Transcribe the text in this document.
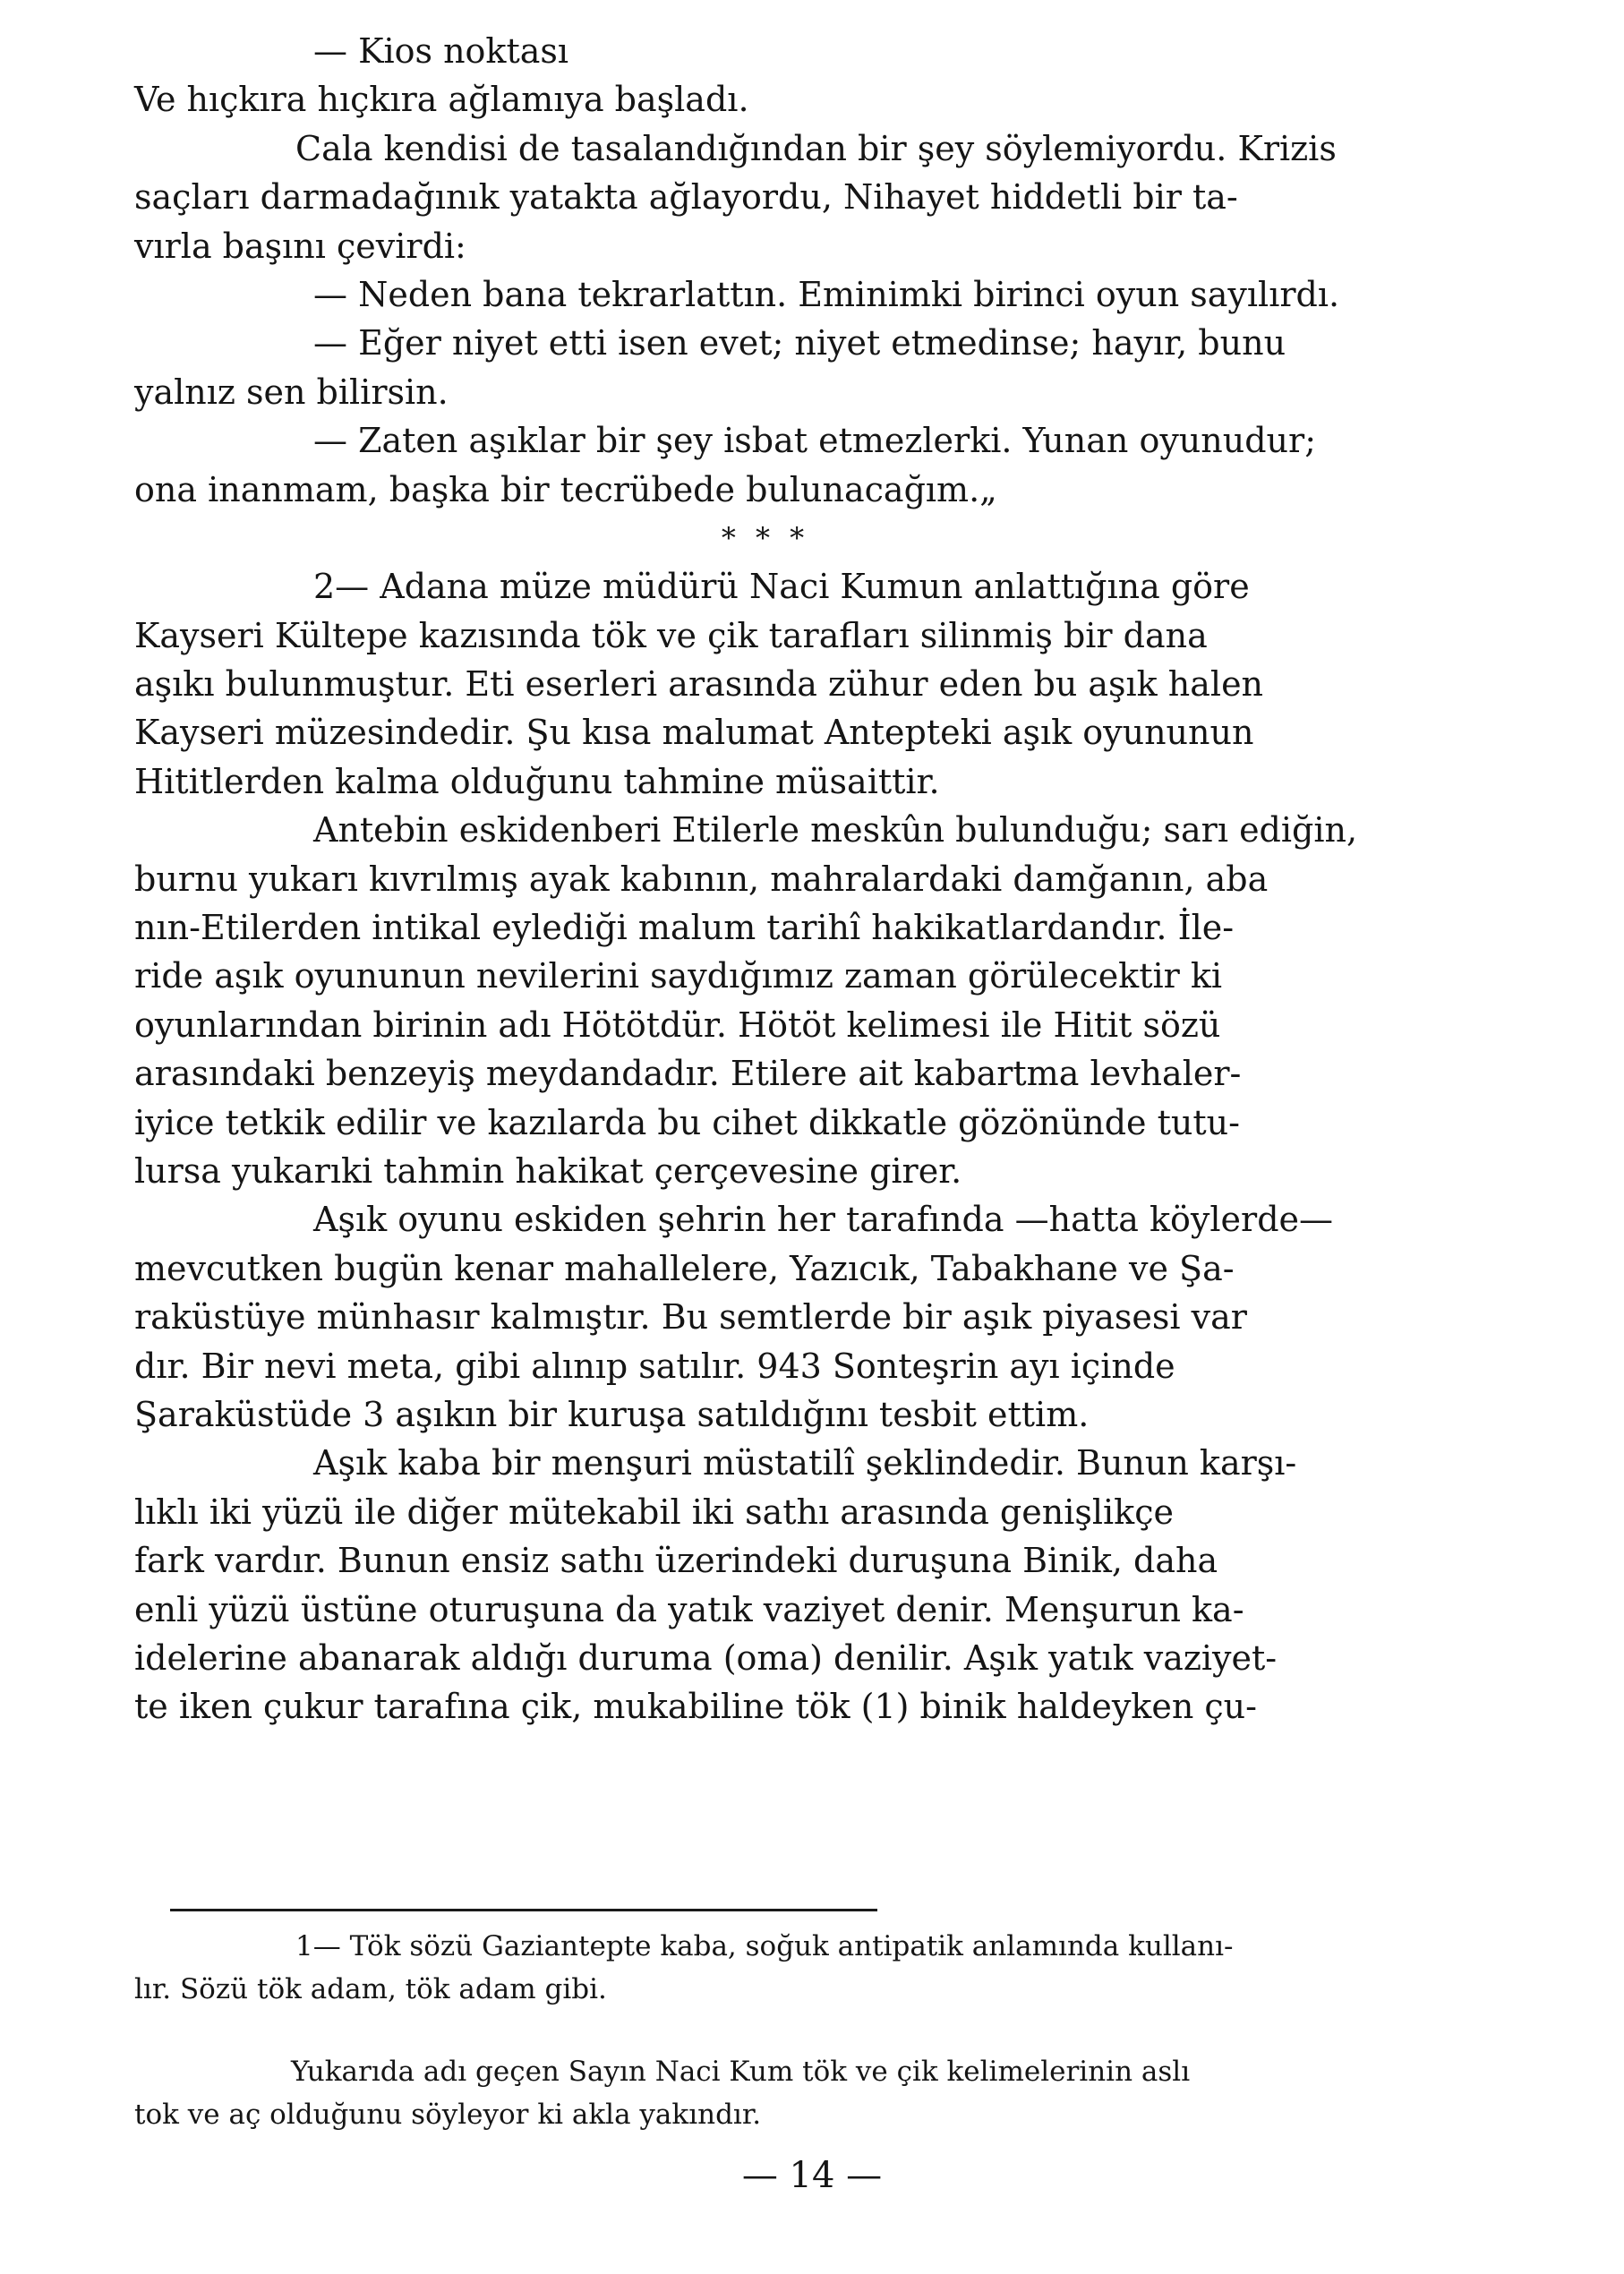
— Kios noktası
Ve hıçkıra hıçkıra ağlamıya başladı.
Cala kendisi de tasalandığından bir şey söylemiyordu. Krizis
saçları darmadağınık yatakta ağlayordu, Nihayet hiddetli bir ta-
vırla başını çevirdi:
— Neden bana tekrarlattın. Eminimki birinci oyun sayılırdı.
— Eğer niyet etti isen evet; niyet etmedinse; hayır, bunu
yalnız sen bilirsin.
— Zaten aşıklar bir şey isbat etmezlerki. Yunan oyunudur;
ona inanmam, başka bir tecrübede bulunacağım.„
* * *
2— Adana müze müdürü Naci Kumun anlattığına göre
Kayseri Kültepe kazısında tök ve çik tarafları silinmiş bir dana
aşıkı bulunmuştur. Eti eserleri arasında zühur eden bu aşık halen
Kayseri müzesindedir. Şu kısa malumat Antepteki aşık oyununun
Hititlerden kalma olduğunu tahmine müsaittir.
Antebin eskidenberi Etilerle meskûn bulunduğu; sarı ediğin,
burnu yukarı kıvrılmış ayak kabının, mahralardaki damğanın, aba
nın-Etilerden intikal eylediği malum tarihî hakikatlardandır. İle-
ride aşık oyununun nevilerini saydığımız zaman görülecektir ki
oyunlarından birinin adı Hötötdür. Hötöt kelimesi ile Hitit sözü
arasındaki benzeyiş meydandadır. Etilere ait kabartma levhaler-
iyice tetkik edilir ve kazılarda bu cihet dikkatle gözönünde tutu-
lursa yukarıki tahmin hakikat çerçevesine girer.
Aşık oyunu eskiden şehrin her tarafında —hatta köylerde—
mevcutken bugün kenar mahallelere, Yazıcık, Tabakhane ve Şa-
raküstüye münhasır kalmıştır. Bu semtlerde bir aşık piyasesi var
dır. Bir nevi meta, gibi alınıp satılır. 943 Sonteşrin ayı içinde
Şaraküstüde 3 aşıkın bir kuruşa satıldığını tesbit ettim.
Aşık kaba bir menşuri müstatilî şeklindedir. Bunun karşı-
lıklı iki yüzü ile diğer mütekabil iki sathı arasında genişlikçe
fark vardır. Bunun ensiz sathı üzerindeki duruşuna Binik, daha
enli yüzü üstüne oturuşuna da yatık vaziyet denir. Menşurun ka-
idelerine abanarak aldığı duruma (oma) denilir. Aşık yatık vaziyet-
te iken çukur tarafına çik, mukabiline tök (1) binik haldeyken çu-
1— Tök sözü Gaziantepte kaba, soğuk antipatik anlamında kullanı-
lır. Sözü tök adam, tök adam gibi.
Yukarıda adı geçen Sayın Naci Kum tök ve çik kelimelerinin aslı
tok ve aç olduğunu söyleyor ki akla yakındır.
— 14 —
